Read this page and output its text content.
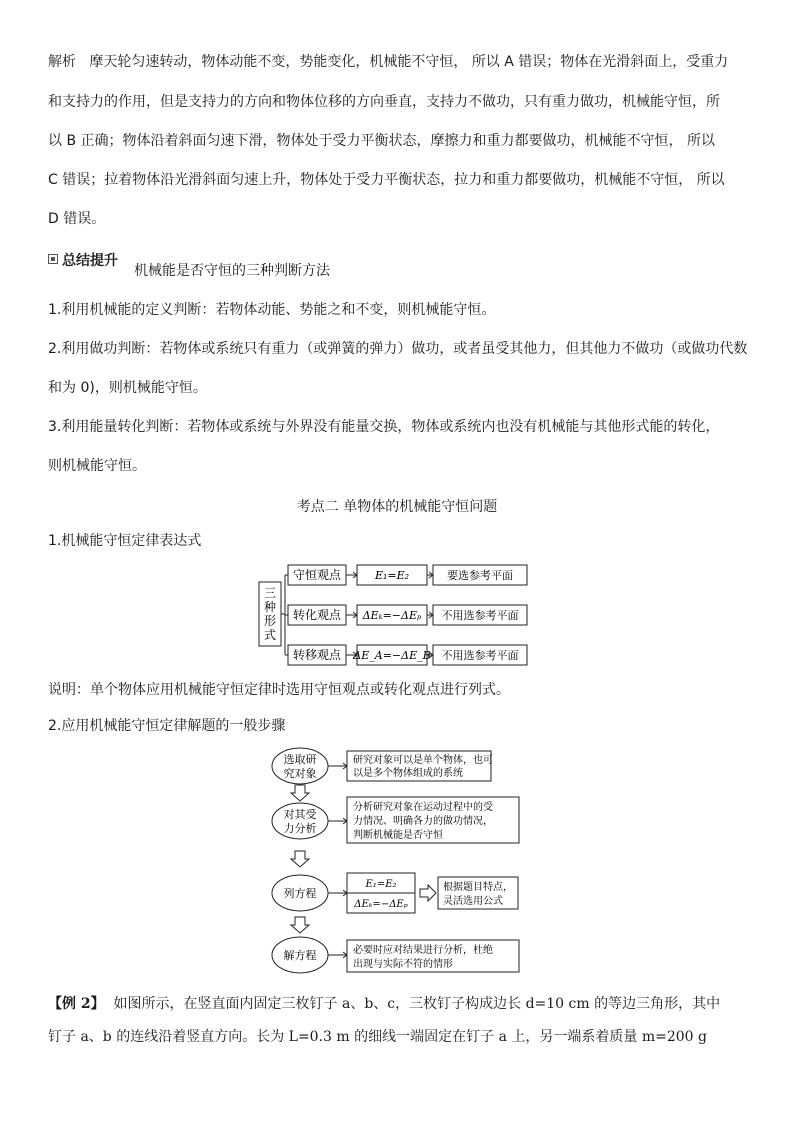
解析 摩天轮匀速转动，物体动能不变，势能变化，机械能不守恒， 所以 A 错误；物体在光滑斜面上，受重力
和支持力的作用，但是支持力的方向和物体位移的方向垂直，支持力不做功，只有重力做功，机械能守恒，所
以 B 正确；物体沿着斜面匀速下滑，物体处于受力平衡状态，摩擦力和重力都要做功，机械能不守恒， 所以
C 错误；拉着物体沿光滑斜面匀速上升，物体处于受力平衡状态，拉力和重力都要做功，机械能不守恒， 所以
D 错误。
总结提升
机械能是否守恒的三种判断方法
1.利用机械能的定义判断：若物体动能、势能之和不变，则机械能守恒。
2.利用做功判断：若物体或系统只有重力（或弹簧的弹力）做功，或者虽受其他力，但其他力不做功（或做功代数
和为 0)，则机械能守恒。
3.利用能量转化判断：若物体或系统与外界没有能量交换，物体或系统内也没有机械能与其他形式能的转化，
则机械能守恒。
考点二 单物体的机械能守恒问题
1.机械能守恒定律表达式
三
种
形
式
守恒观点	E₁=E₂	要选参考平面
转化观点 ΔEₖ=−ΔEₚ 不用选参考平面
转移观点 ΔE_A=−ΔE_B 不用选参考平面
说明：单个物体应用机械能守恒定律时选用守恒观点或转化观点进行列式。
2.应用机械能守恒定律解题的一般步骤
选取研
究对象
研究对象可以是单个物体，也可
以是多个物体组成的系统
对其受
力分析
分析研究对象在运动过程中的受
力情况、明确各力的做功情况，
判断机械能是否守恒
列方程
E₁=E₂
ΔEₖ=−ΔEₚ
根据题目特点，
灵活选用公式
解方程	必要时应对结果进行分析，杜绝
出现与实际不符的情形
【例 2】 如图所示，在竖直面内固定三枚钉子 a、b、c，三枚钉子构成边长 d=10 cm 的等边三角形，其中
钉子 a、b 的连线沿着竖直方向。长为 L=0.3 m 的细线一端固定在钉子 a 上，另一端系着质量 m=200 g
